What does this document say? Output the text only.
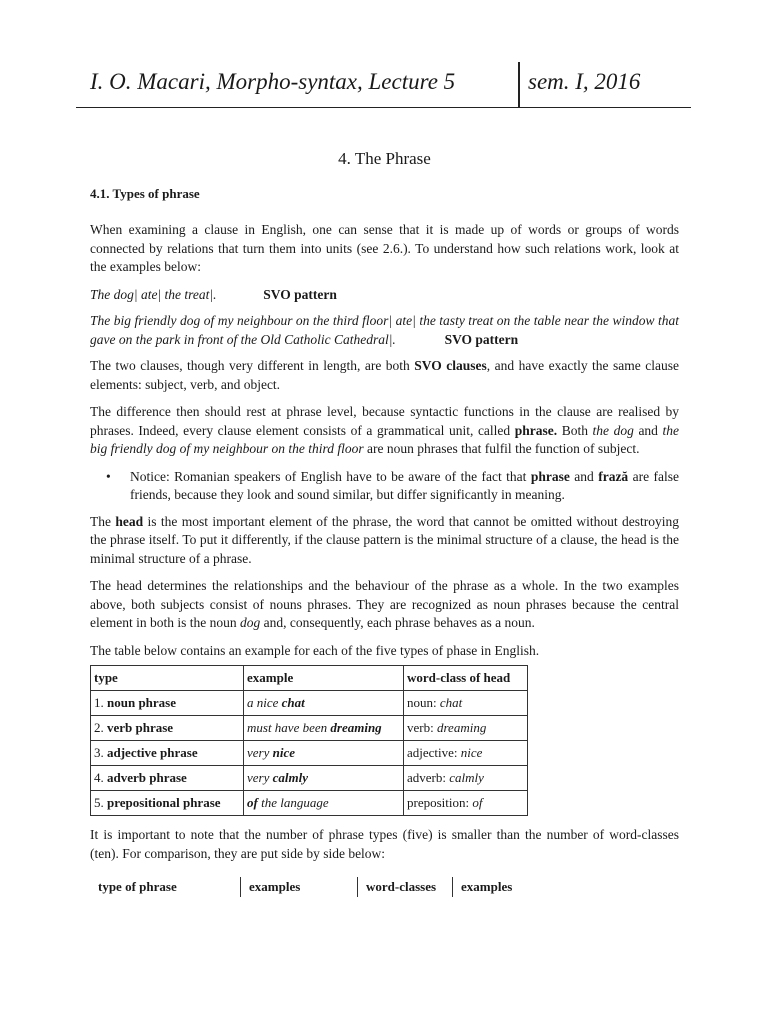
I. O. Macari, Morpho-syntax, Lecture 5	sem. I, 2016
4. The Phrase
4.1. Types of phrase

When examining a clause in English, one can sense that it is made up of words or groups of words connected by relations that turn them into units (see 2.6.). To understand how such relations work, look at the examples below:

The dog| ate| the treat|.	SVO pattern
The big friendly dog of my neighbour on the third floor| ate| the tasty treat on the table near the window that gave on the park in front of the Old Catholic Cathedral|.	SVO pattern

The two clauses, though very different in length, are both SVO clauses, and have exactly the same clause elements: subject, verb, and object.

The difference then should rest at phrase level, because syntactic functions in the clause are realised by phrases. Indeed, every clause element consists of a grammatical unit, called phrase. Both the dog and the big friendly dog of my neighbour on the third floor are noun phrases that fulfil the function of subject.

• Notice: Romanian speakers of English have to be aware of the fact that phrase and frază are false friends, because they look and sound similar, but differ significantly in meaning.

The head is the most important element of the phrase, the word that cannot be omitted without destroying the phrase itself. To put it differently, if the clause pattern is the minimal structure of a clause, the head is the minimal structure of a phrase.

The head determines the relationships and the behaviour of the phrase as a whole. In the two examples above, both subjects consist of nouns phrases. They are recognized as noun phrases because the central element in both is the noun dog and, consequently, each phrase behaves as a noun.

The table below contains an example for each of the five types of phase in English.

type	example	word-class of head
1. noun phrase	a nice chat	noun: chat
2. verb phrase	must have been dreaming	verb: dreaming
3. adjective phrase	very nice	adjective: nice
4. adverb phrase	very calmly	adverb: calmly
5. prepositional phrase	of the language	preposition: of

It is important to note that the number of phrase types (five) is smaller than the number of word-classes (ten). For comparison, they are put side by side below:

type of phrase	examples	word-classes	examples
